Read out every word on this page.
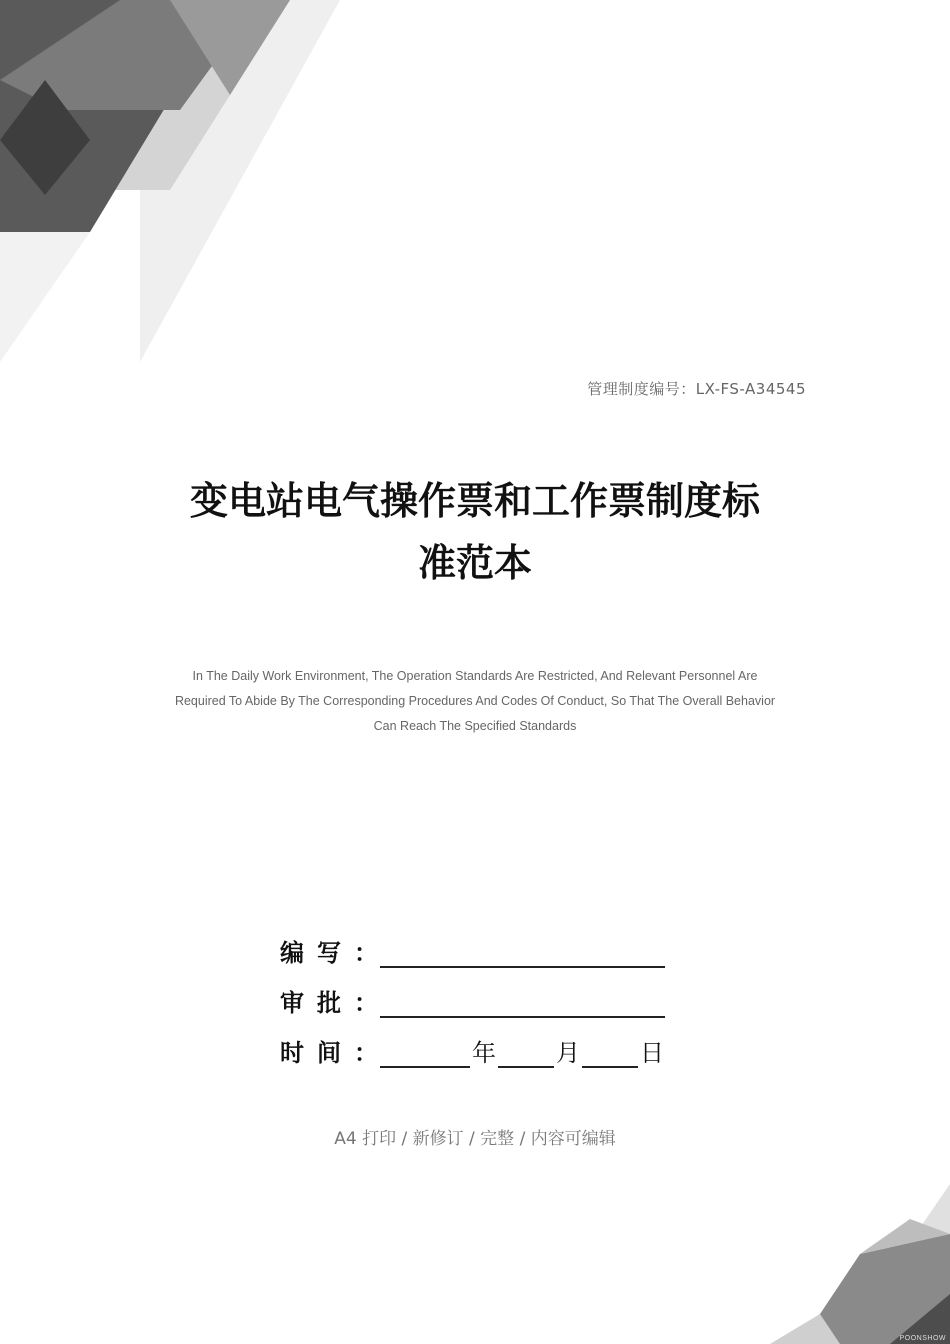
管理制度编号：LX-FS-A34545
变电站电气操作票和工作票制度标
准范本
In The Daily Work Environment, The Operation Standards Are Restricted, And Relevant Personnel Are
Required To Abide By The Corresponding Procedures And Codes Of Conduct, So That The Overall Behavior
Can Reach The Specified Standards
编 写 ：
审 批 ：
时 间 ：	年	月	日
A4 打印 / 新修订 / 完整 / 内容可编辑
POONSHOW
